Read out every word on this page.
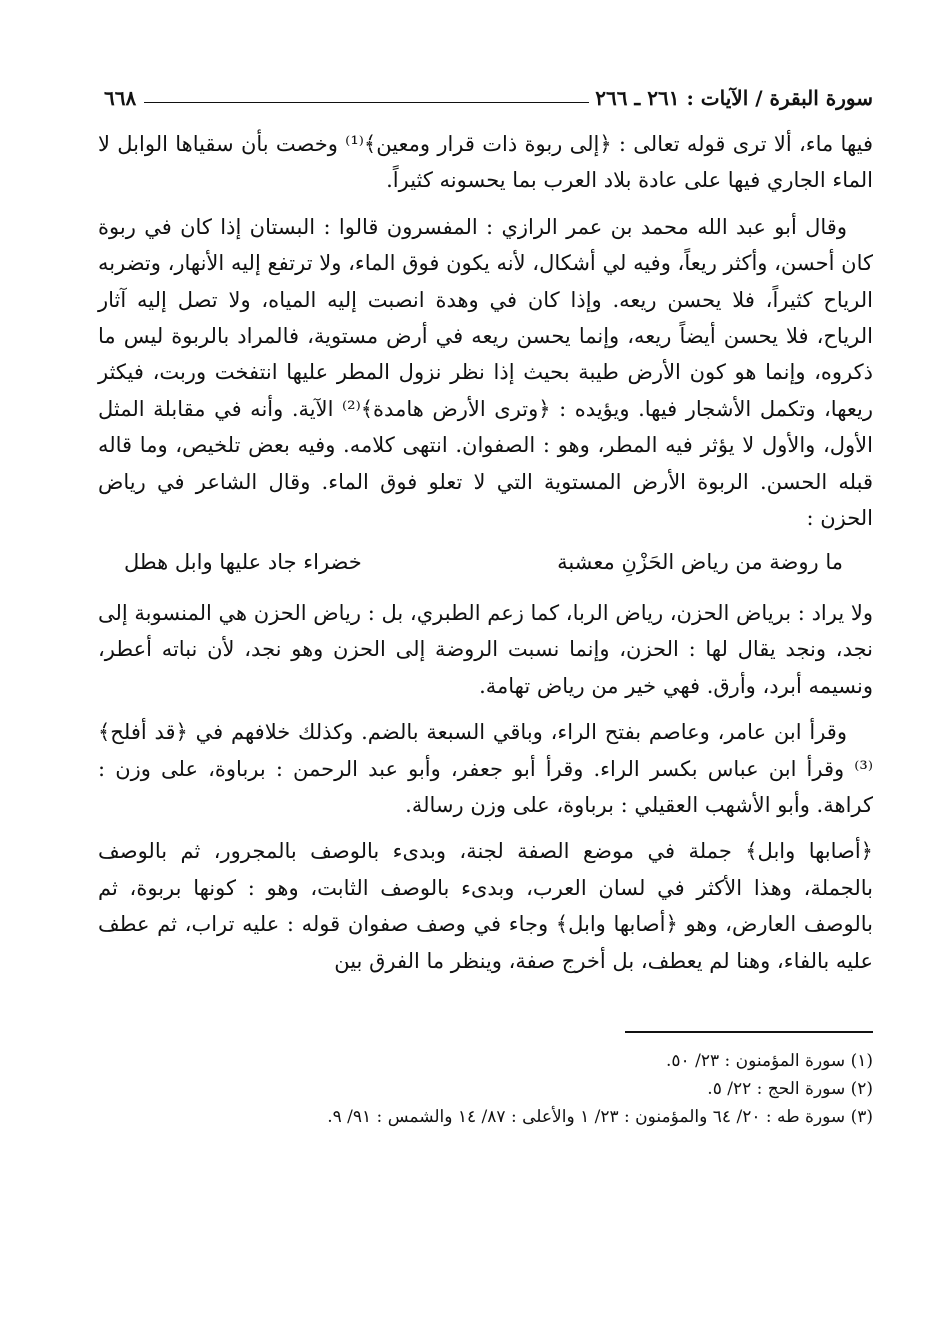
سورة البقرة / الآيات : ٢٦١ ـ ٢٦٦
٦٦٨

فيها ماء، ألا ترى قوله تعالى : ﴿إلى ربوة ذات قرار ومعين﴾⁽¹⁾ وخصت بأن سقياها الوابل لا الماء الجاري فيها على عادة بلاد العرب بما يحسونه كثيراً.

وقال أبو عبد الله محمد بن عمر الرازي : المفسرون قالوا : البستان إذا كان في ربوة كان أحسن، وأكثر ريعاً، وفيه لي أشكال، لأنه يكون فوق الماء، ولا ترتفع إليه الأنهار، وتضربه الرياح كثيراً، فلا يحسن ريعه. وإذا كان في وهدة انصبت إليه المياه، ولا تصل إليه آثار الرياح، فلا يحسن أيضاً ريعه، وإنما يحسن ريعه في أرض مستوية، فالمراد بالربوة ليس ما ذكروه، وإنما هو كون الأرض طيبة بحيث إذا نظر نزول المطر عليها انتفخت وربت، فيكثر ريعها، وتكمل الأشجار فيها. ويؤيده : ﴿وترى الأرض هامدة﴾⁽²⁾ الآية. وأنه في مقابلة المثل الأول، والأول لا يؤثر فيه المطر، وهو : الصفوان. انتهى كلامه. وفيه بعض تلخيص، وما قاله قبله الحسن. الربوة الأرض المستوية التي لا تعلو فوق الماء. وقال الشاعر في رياض الحزن :

ما روضة من رياض الحَزْنِ معشبة
خضراء جاد عليها وابل هطل

ولا يراد : برياض الحزن، رياض الربا، كما زعم الطبري، بل : رياض الحزن هي المنسوبة إلى نجد، ونجد يقال لها : الحزن، وإنما نسبت الروضة إلى الحزن وهو نجد، لأن نباته أعطر، ونسيمه أبرد، وأرق. فهي خير من رياض تهامة.

وقرأ ابن عامر، وعاصم بفتح الراء، وباقي السبعة بالضم. وكذلك خلافهم في ﴿قد أفلح﴾⁽³⁾ وقرأ ابن عباس بكسر الراء. وقرأ أبو جعفر، وأبو عبد الرحمن : برباوة، على وزن : كراهة. وأبو الأشهب العقيلي : برباوة، على وزن رسالة.

﴿أصابها وابل﴾ جملة في موضع الصفة لجنة، وبدىء بالوصف بالمجرور، ثم بالوصف بالجملة، وهذا الأكثر في لسان العرب، وبدىء بالوصف الثابت، وهو : كونها بربوة، ثم بالوصف العارض، وهو ﴿أصابها وابل﴾ وجاء في وصف صفوان قوله : عليه تراب، ثم عطف عليه بالفاء، وهنا لم يعطف، بل أخرج صفة، وينظر ما الفرق بين

(١) سورة المؤمنون : ٢٣/ ٥٠.

(٢) سورة الحج : ٢٢/ ٥.

(٣) سورة طه : ٢٠/ ٦٤ والمؤمنون : ٢٣/ ١ والأعلى : ٨٧/ ١٤ والشمس : ٩١/ ٩.
